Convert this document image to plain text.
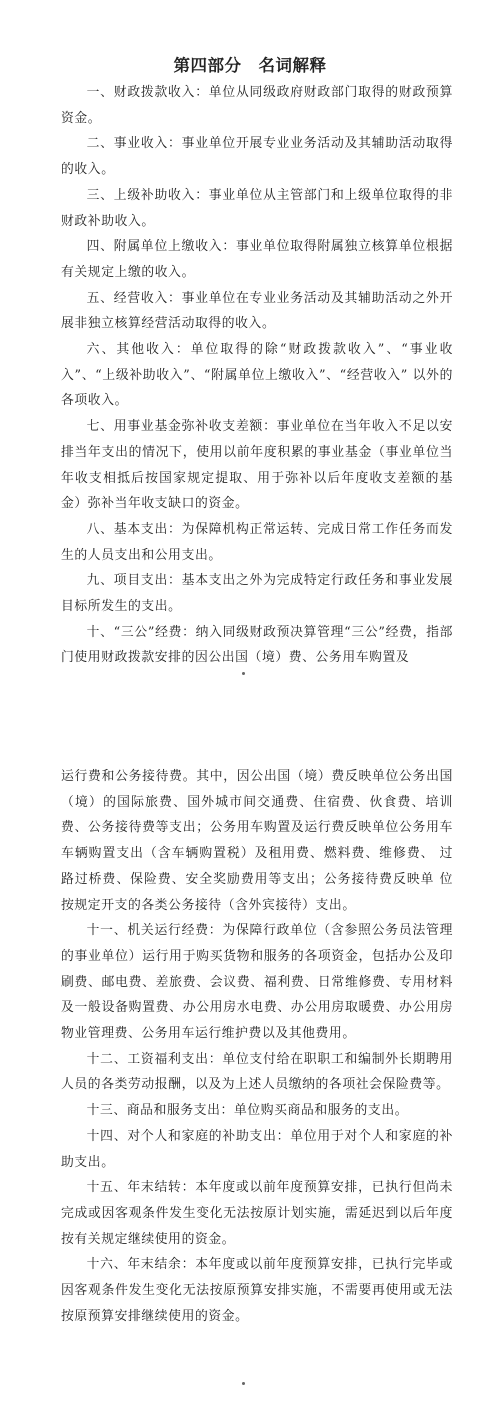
第四部分　名词解释

一、财政拨款收入：单位从同级政府财政部门取得的财政预算资金。

二、事业收入：事业单位开展专业业务活动及其辅助活动取得的收入。

三、上级补助收入：事业单位从主管部门和上级单位取得的非财政补助收入。

四、附属单位上缴收入：事业单位取得附属独立核算单位根据有关规定上缴的收入。

五、经营收入：事业单位在专业业务活动及其辅助活动之外开展非独立核算经营活动取得的收入。

六、其他收入：单位取得的除“财政拨款收入”、“事业收入”、“上级补助收入”、“附属单位上缴收入”、“经营收入” 以外的各项收入。

七、用事业基金弥补收支差额：事业单位在当年收入不足以安排当年支出的情况下，使用以前年度积累的事业基金（事业单位当年收支相抵后按国家规定提取、用于弥补以后年度收支差额的基金）弥补当年收支缺口的资金。

八、基本支出：为保障机构正常运转、完成日常工作任务而发生的人员支出和公用支出。

九、项目支出：基本支出之外为完成特定行政任务和事业发展目标所发生的支出。

十、“三公”经费：纳入同级财政预决算管理“三公”经费，指部门使用财政拨款安排的因公出国（境）费、公务用车购置及

运行费和公务接待费。其中，因公出国（境）费反映单位公务出国（境）的国际旅费、国外城市间交通费、住宿费、伙食费、培训费、公务接待费等支出；公务用车购置及运行费反映单位公务用车车辆购置支出（含车辆购置税）及租用费、燃料费、维修费、 过路过桥费、保险费、安全奖励费用等支出；公务接待费反映单 位按规定开支的各类公务接待（含外宾接待）支出。

十一、机关运行经费：为保障行政单位（含参照公务员法管理的事业单位）运行用于购买货物和服务的各项资金，包括办公及印刷费、邮电费、差旅费、会议费、福利费、日常维修费、专用材料及一般设备购置费、办公用房水电费、办公用房取暖费、办公用房物业管理费、公务用车运行维护费以及其他费用。

十二、工资福利支出：单位支付给在职职工和编制外长期聘用人员的各类劳动报酬，以及为上述人员缴纳的各项社会保险费等。

十三、商品和服务支出：单位购买商品和服务的支出。

十四、对个人和家庭的补助支出：单位用于对个人和家庭的补助支出。

十五、年末结转：本年度或以前年度预算安排，已执行但尚未完成或因客观条件发生变化无法按原计划实施，需延迟到以后年度按有关规定继续使用的资金。

十六、年末结余：本年度或以前年度预算安排，已执行完毕或因客观条件发生变化无法按原预算安排实施，不需要再使用或无法按原预算安排继续使用的资金。
